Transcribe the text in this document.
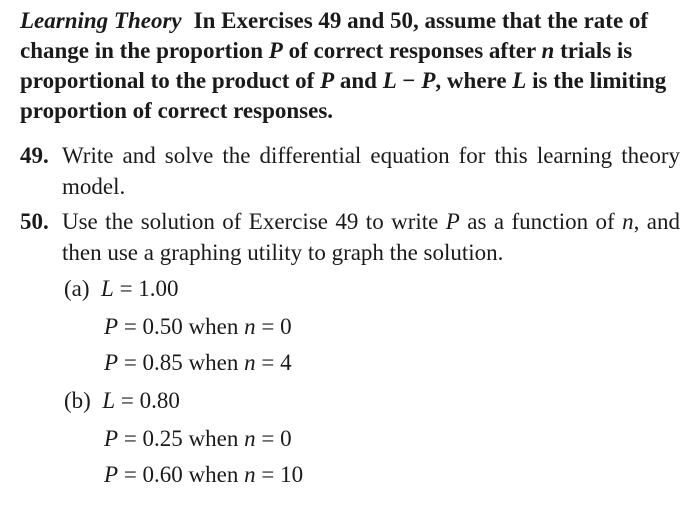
Learning Theory In Exercises 49 and 50, assume that the rate of change in the proportion P of correct responses after n trials is proportional to the product of P and L − P, where L is the limiting proportion of correct responses.
49. Write and solve the differential equation for this learning theory model.
50. Use the solution of Exercise 49 to write P as a function of n, and then use a graphing utility to graph the solution.
(a) L = 1.00
P = 0.50 when n = 0
P = 0.85 when n = 4
(b) L = 0.80
P = 0.25 when n = 0
P = 0.60 when n = 10
